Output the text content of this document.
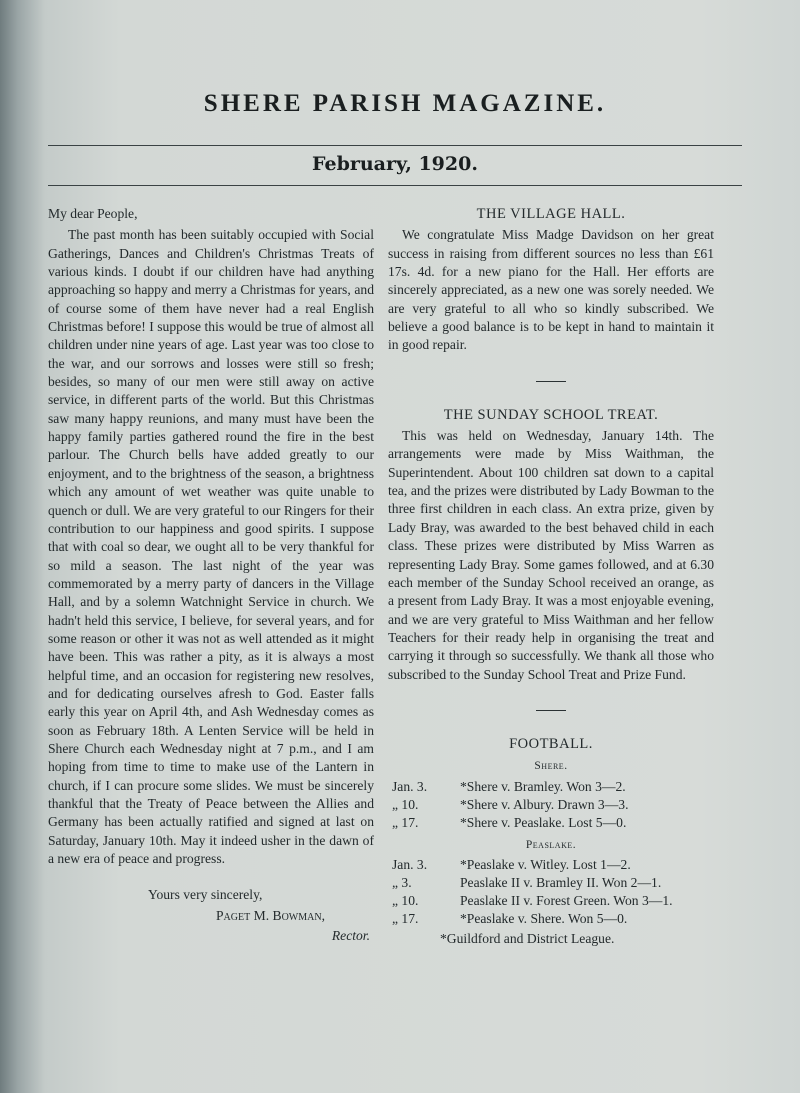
SHERE PARISH MAGAZINE.
February, 1920.
My dear People,

The past month has been suitably occupied with Social Gatherings, Dances and Children's Christmas Treats of various kinds. I doubt if our children have had anything approaching so happy and merry a Christmas for years, and of course some of them have never had a real English Christmas before! I suppose this would be true of almost all children under nine years of age. Last year was too close to the war, and our sorrows and losses were still so fresh; besides, so many of our men were still away on active service, in different parts of the world. But this Christmas saw many happy reunions, and many must have been the happy family parties gathered round the fire in the best parlour. The Church bells have added greatly to our enjoyment, and to the brightness of the season, a brightness which any amount of wet weather was quite unable to quench or dull. We are very grateful to our Ringers for their contribution to our happiness and good spirits. I suppose that with coal so dear, we ought all to be very thankful for so mild a season. The last night of the year was commemorated by a merry party of dancers in the Village Hall, and by a solemn Watchnight Service in church. We hadn't held this service, I believe, for several years, and for some reason or other it was not as well attended as it might have been. This was rather a pity, as it is always a most helpful time, and an occasion for registering new resolves, and for dedicating ourselves afresh to God. Easter falls early this year on April 4th, and Ash Wednesday comes as soon as February 18th. A Lenten Service will be held in Shere Church each Wednesday night at 7 p.m., and I am hoping from time to time to make use of the Lantern in church, if I can procure some slides. We must be sincerely thankful that the Treaty of Peace between the Allies and Germany has been actually ratified and signed at last on Saturday, January 10th. May it indeed usher in the dawn of a new era of peace and progress.

Yours very sincerely,
Paget M. Bowman,
Rector.
THE VILLAGE HALL.

We congratulate Miss Madge Davidson on her great success in raising from different sources no less than £61 17s. 4d. for a new piano for the Hall. Her efforts are sincerely appreciated, as a new one was sorely needed. We are very grateful to all who so kindly subscribed. We believe a good balance is to be kept in hand to maintain it in good repair.

THE SUNDAY SCHOOL TREAT.

This was held on Wednesday, January 14th. The arrangements were made by Miss Waithman, the Superintendent. About 100 children sat down to a capital tea, and the prizes were distributed by Lady Bowman to the three first children in each class. An extra prize, given by Lady Bray, was awarded to the best behaved child in each class. These prizes were distributed by Miss Warren as representing Lady Bray. Some games followed, and at 6.30 each member of the Sunday School received an orange, as a present from Lady Bray. It was a most enjoyable evening, and we are very grateful to Miss Waithman and her fellow Teachers for their ready help in organising the treat and carrying it through so successfully. We thank all those who subscribed to the Sunday School Treat and Prize Fund.

FOOTBALL.
Shere.
Jan. 3.	*Shere v. Bramley. Won 3—2.
„ 10.	*Shere v. Albury. Drawn 3—3.
„ 17.	*Shere v. Peaslake. Lost 5—0.
Peaslake.
Jan. 3.	*Peaslake v. Witley. Lost 1—2.
„ 3.	Peaslake II v. Bramley II. Won 2—1.
„ 10.	Peaslake II v. Forest Green. Won 3—1.
„ 17.	*Peaslake v. Shere. Won 5—0.
*Guildford and District League.
